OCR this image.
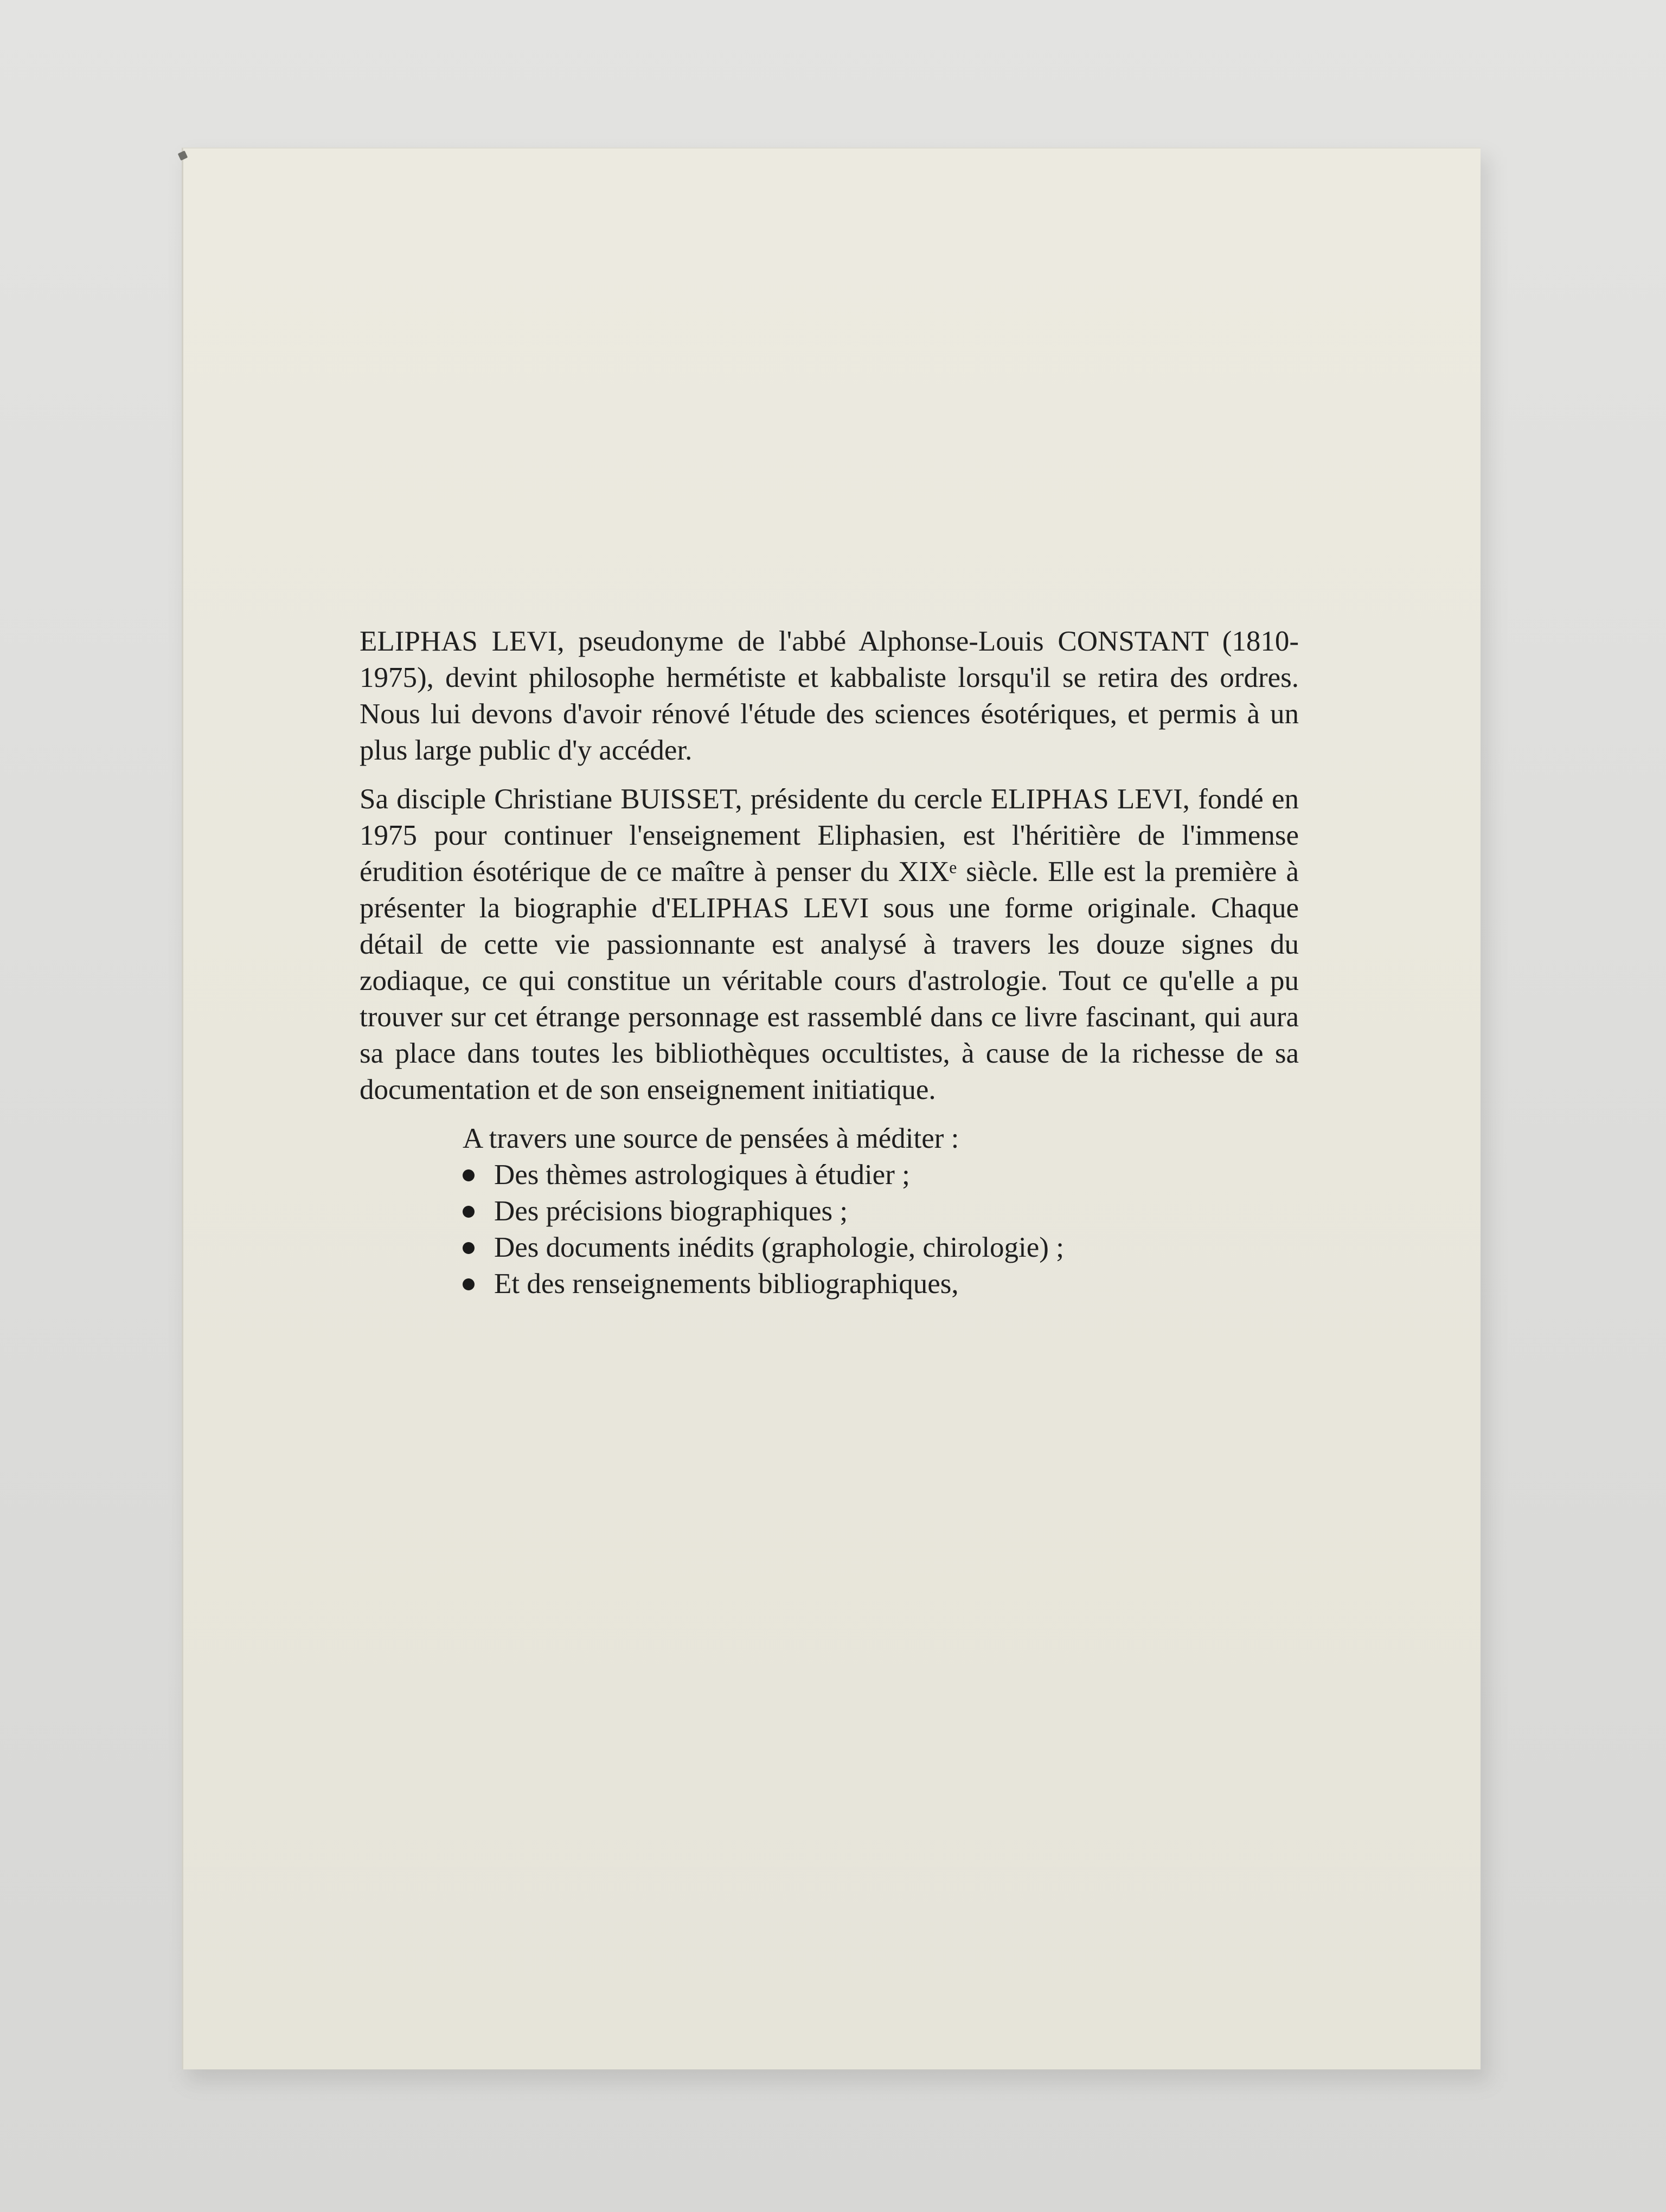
ELIPHAS LEVI, pseudonyme de l'abbé Alphonse-Louis CONSTANT (1810-1975), devint philosophe hermétiste et kabbaliste lorsqu'il se retira des ordres. Nous lui devons d'avoir rénové l'étude des sciences ésotériques, et permis à un plus large public d'y accéder.

Sa disciple Christiane BUISSET, présidente du cercle ELIPHAS LEVI, fondé en 1975 pour continuer l'enseignement Eliphasien, est l'héritière de l'immense érudition ésotérique de ce maître à penser du XIXᵉ siècle. Elle est la première à présenter la biographie d'ELIPHAS LEVI sous une forme originale. Chaque détail de cette vie passionnante est analysé à travers les douze signes du zodiaque, ce qui constitue un véritable cours d'astrologie. Tout ce qu'elle a pu trouver sur cet étrange personnage est rassemblé dans ce livre fascinant, qui aura sa place dans toutes les bibliothèques occultistes, à cause de la richesse de sa documentation et de son enseignement initiatique.

A travers une source de pensées à méditer :
Des thèmes astrologiques à étudier ;
Des précisions biographiques ;
Des documents inédits (graphologie, chirologie) ;
Et des renseignements bibliographiques,
